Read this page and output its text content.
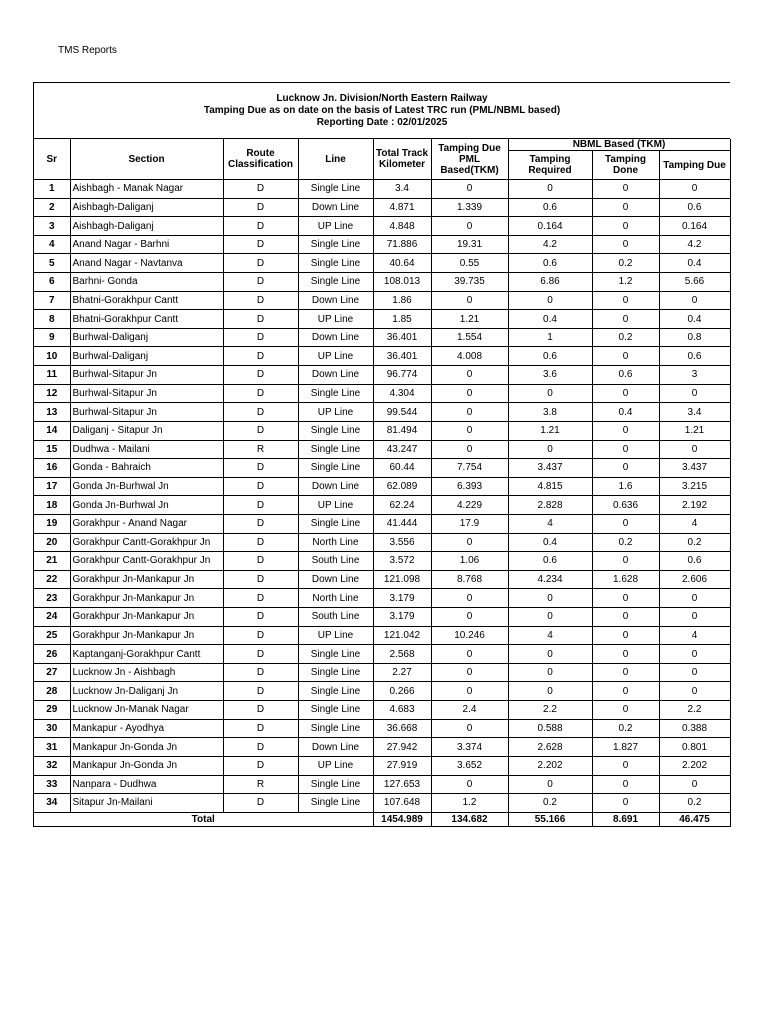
TMS Reports
Lucknow Jn. Division/North Eastern Railway
Tamping Due as on date on the basis of Latest TRC run (PML/NBML based)
Reporting Date : 02/01/2025
Sr	Section	Route Classification	Line	Total Track Kilometer	Tamping Due PML Based(TKM)	NBML Based (TKM)		
						Tamping Required	Tamping Done	Tamping Due
1	Aishbagh - Manak Nagar	D	Single Line	3.4	0	0	0	0
2	Aishbagh-Daliganj	D	Down Line	4.871	1.339	0.6	0	0.6
3	Aishbagh-Daliganj	D	UP Line	4.848	0	0.164	0	0.164
4	Anand Nagar - Barhni	D	Single Line	71.886	19.31	4.2	0	4.2
5	Anand Nagar - Navtanva	D	Single Line	40.64	0.55	0.6	0.2	0.4
6	Barhni- Gonda	D	Single Line	108.013	39.735	6.86	1.2	5.66
7	Bhatni-Gorakhpur Cantt	D	Down Line	1.86	0	0	0	0
8	Bhatni-Gorakhpur Cantt	D	UP Line	1.85	1.21	0.4	0	0.4
9	Burhwal-Daliganj	D	Down Line	36.401	1.554	1	0.2	0.8
10	Burhwal-Daliganj	D	UP Line	36.401	4.008	0.6	0	0.6
11	Burhwal-Sitapur Jn	D	Down Line	96.774	0	3.6	0.6	3
12	Burhwal-Sitapur Jn	D	Single Line	4.304	0	0	0	0
13	Burhwal-Sitapur Jn	D	UP Line	99.544	0	3.8	0.4	3.4
14	Daliganj - Sitapur Jn	D	Single Line	81.494	0	1.21	0	1.21
15	Dudhwa - Mailani	R	Single Line	43.247	0	0	0	0
16	Gonda - Bahraich	D	Single Line	60.44	7.754	3.437	0	3.437
17	Gonda Jn-Burhwal Jn	D	Down Line	62.089	6.393	4.815	1.6	3.215
18	Gonda Jn-Burhwal Jn	D	UP Line	62.24	4.229	2.828	0.636	2.192
19	Gorakhpur - Anand Nagar	D	Single Line	41.444	17.9	4	0	4
20	Gorakhpur Cantt-Gorakhpur Jn	D	North Line	3.556	0	0.4	0.2	0.2
21	Gorakhpur Cantt-Gorakhpur Jn	D	South Line	3.572	1.06	0.6	0	0.6
22	Gorakhpur Jn-Mankapur Jn	D	Down Line	121.098	8.768	4.234	1.628	2.606
23	Gorakhpur Jn-Mankapur Jn	D	North Line	3.179	0	0	0	0
24	Gorakhpur Jn-Mankapur Jn	D	South Line	3.179	0	0	0	0
25	Gorakhpur Jn-Mankapur Jn	D	UP Line	121.042	10.246	4	0	4
26	Kaptanganj-Gorakhpur Cantt	D	Single Line	2.568	0	0	0	0
27	Lucknow Jn - Aishbagh	D	Single Line	2.27	0	0	0	0
28	Lucknow Jn-Daliganj Jn	D	Single Line	0.266	0	0	0	0
29	Lucknow Jn-Manak Nagar	D	Single Line	4.683	2.4	2.2	0	2.2
30	Mankapur - Ayodhya	D	Single Line	36.668	0	0.588	0.2	0.388
31	Mankapur Jn-Gonda Jn	D	Down Line	27.942	3.374	2.628	1.827	0.801
32	Mankapur Jn-Gonda Jn	D	UP Line	27.919	3.652	2.202	0	2.202
33	Nanpara - Dudhwa	R	Single Line	127.653	0	0	0	0
34	Sitapur Jn-Mailani	D	Single Line	107.648	1.2	0.2	0	0.2
Total				1454.989	134.682	55.166	8.691	46.475
